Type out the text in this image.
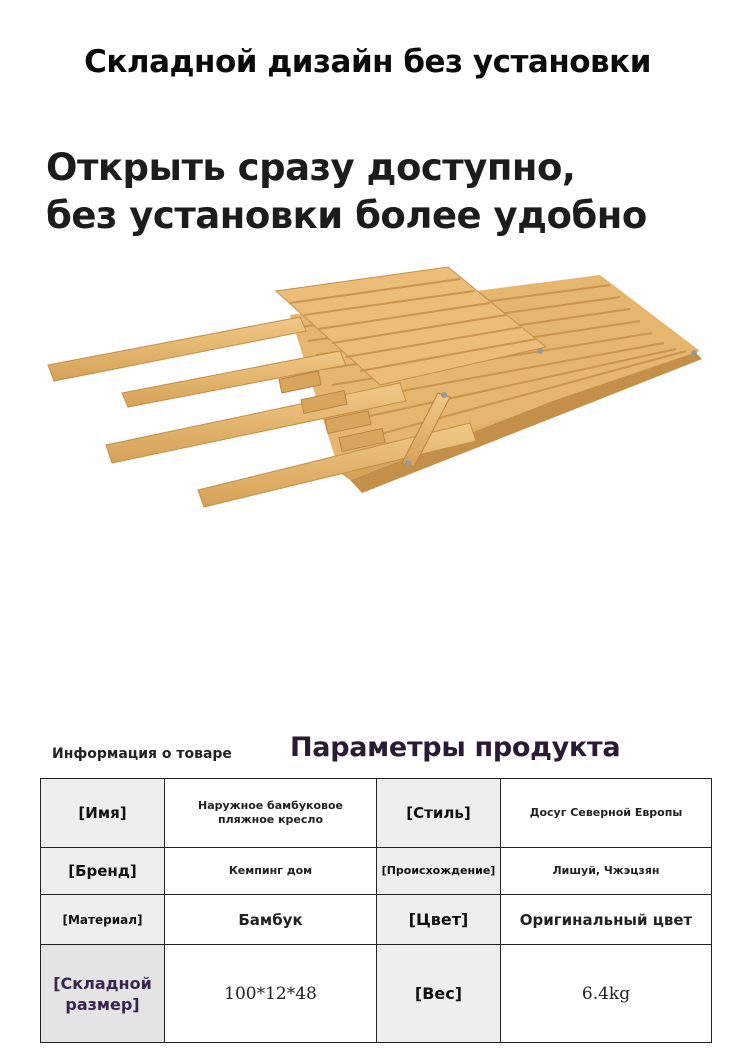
Складной дизайн без установки
Открыть сразу доступно,
без установки более удобно
Информация о товаре Параметры продукта
[Имя]	Наружное бамбуковое пляжное кресло	[Стиль]	Досуг Северной Европы
[Бренд]	Кемпинг дом	[Происхождение]	Лишуй, Чжэцзян
[Материал]	Бамбук	[Цвет]	Оригинальный цвет
[Складной размер]	100*12*48	[Вес]	6.4kg
